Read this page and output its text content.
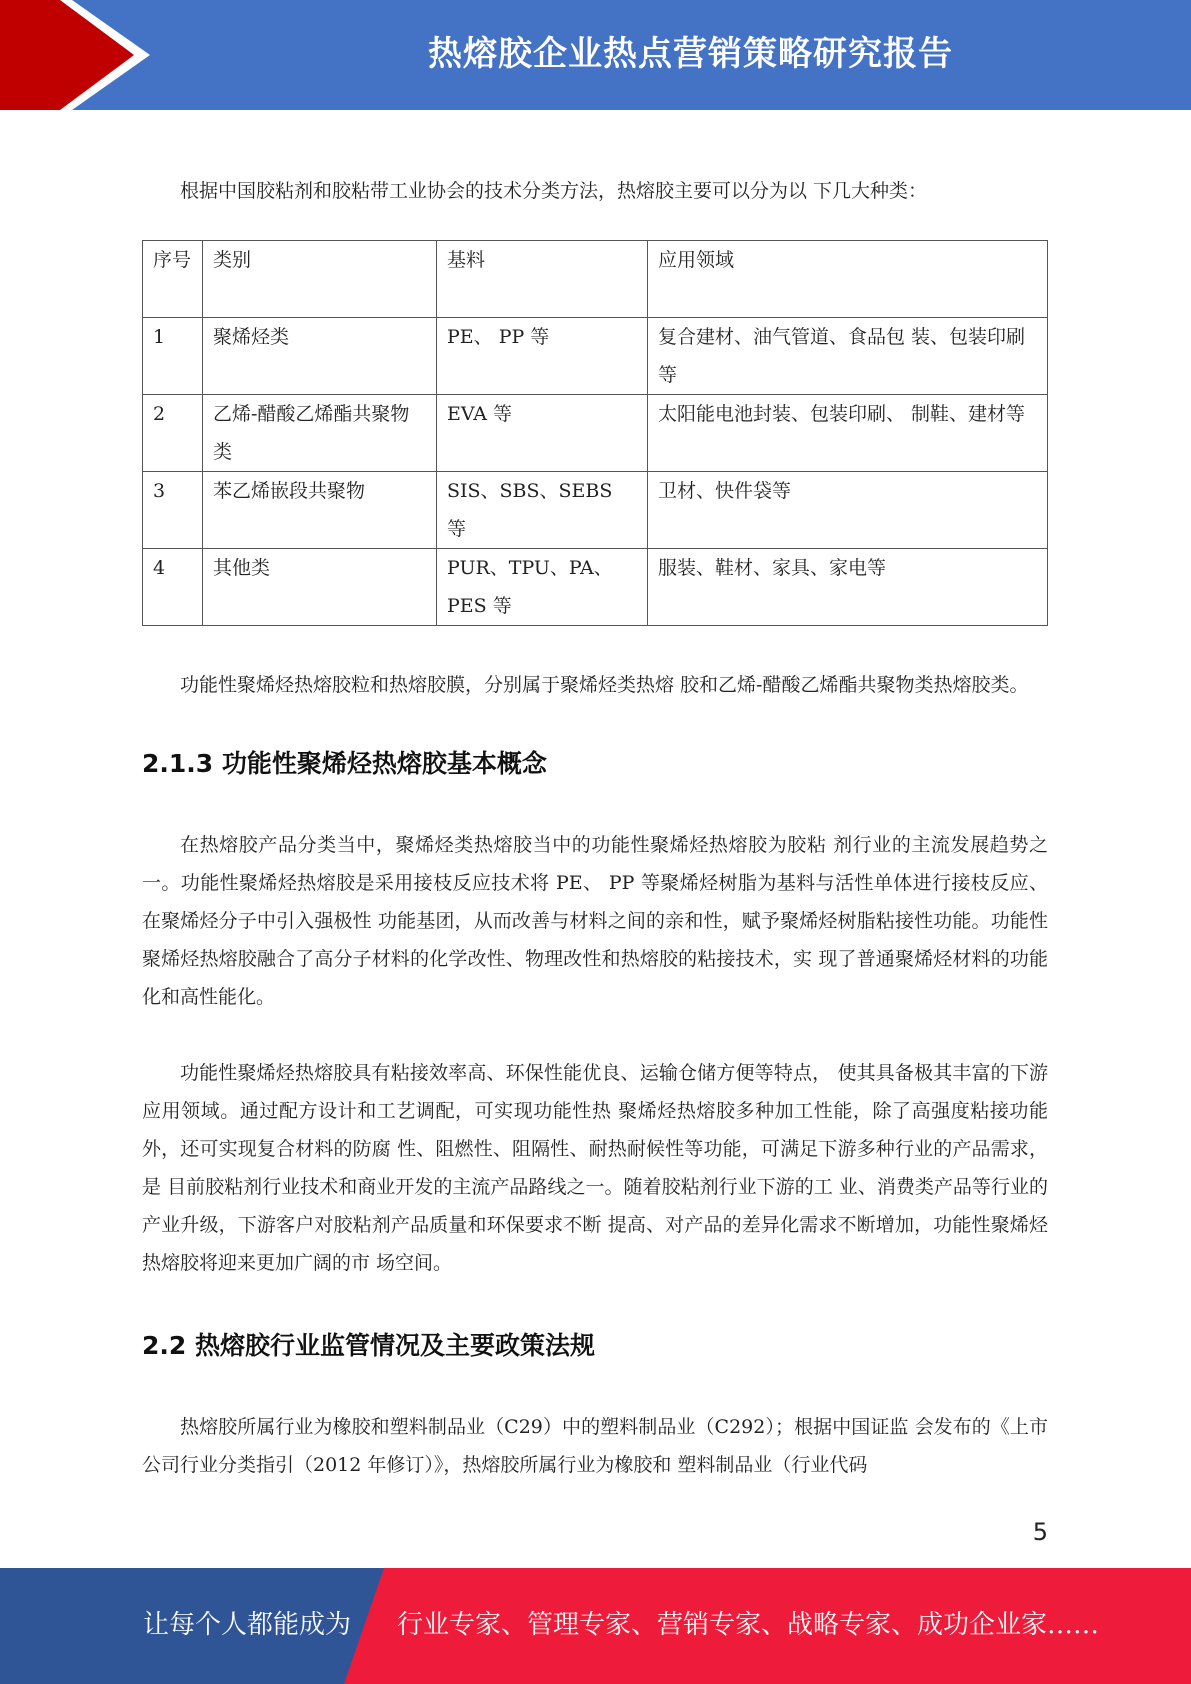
热熔胶企业热点营销策略研究报告

根据中国胶粘剂和胶粘带工业协会的技术分类方法，热熔胶主要可以分为以 下几大种类：

序号	类别	基料	应用领域
1	聚烯烃类	PE、 PP 等	复合建材、油气管道、食品包 装、包装印刷等
2	乙烯-醋酸乙烯酯共聚物类	EVA 等	太阳能电池封装、包装印刷、 制鞋、建材等
3	苯乙烯嵌段共聚物	SIS、SBS、SEBS 等	卫材、快件袋等
4	其他类	PUR、TPU、PA、PES 等	服装、鞋材、家具、家电等

功能性聚烯烃热熔胶粒和热熔胶膜，分别属于聚烯烃类热熔 胶和乙烯-醋酸乙烯酯共聚物类热熔胶类。

2.1.3 功能性聚烯烃热熔胶基本概念

在热熔胶产品分类当中，聚烯烃类热熔胶当中的功能性聚烯烃热熔胶为胶粘 剂行业的主流发展趋势之一。功能性聚烯烃热熔胶是采用接枝反应技术将 PE、 PP 等聚烯烃树脂为基料与活性单体进行接枝反应、在聚烯烃分子中引入强极性 功能基团，从而改善与材料之间的亲和性，赋予聚烯烃树脂粘接性功能。功能性 聚烯烃热熔胶融合了高分子材料的化学改性、物理改性和热熔胶的粘接技术，实 现了普通聚烯烃材料的功能化和高性能化。

功能性聚烯烃热熔胶具有粘接效率高、环保性能优良、运输仓储方便等特点， 使其具备极其丰富的下游应用领域。通过配方设计和工艺调配，可实现功能性热 聚烯烃热熔胶多种加工性能，除了高强度粘接功能外，还可实现复合材料的防腐 性、阻燃性、阻隔性、耐热耐候性等功能，可满足下游多种行业的产品需求，是 目前胶粘剂行业技术和商业开发的主流产品路线之一。随着胶粘剂行业下游的工 业、消费类产品等行业的产业升级，下游客户对胶粘剂产品质量和环保要求不断 提高、对产品的差异化需求不断增加，功能性聚烯烃热熔胶将迎来更加广阔的市 场空间。

2.2 热熔胶行业监管情况及主要政策法规

热熔胶所属行业为橡胶和塑料制品业（C29）中的塑料制品业（C292）；根据中国证监 会发布的《上市公司行业分类指引（2012 年修订）》，热熔胶所属行业为橡胶和 塑料制品业（行业代码

5
让每个人都能成为 行业专家、管理专家、营销专家、战略专家、成功企业家……
